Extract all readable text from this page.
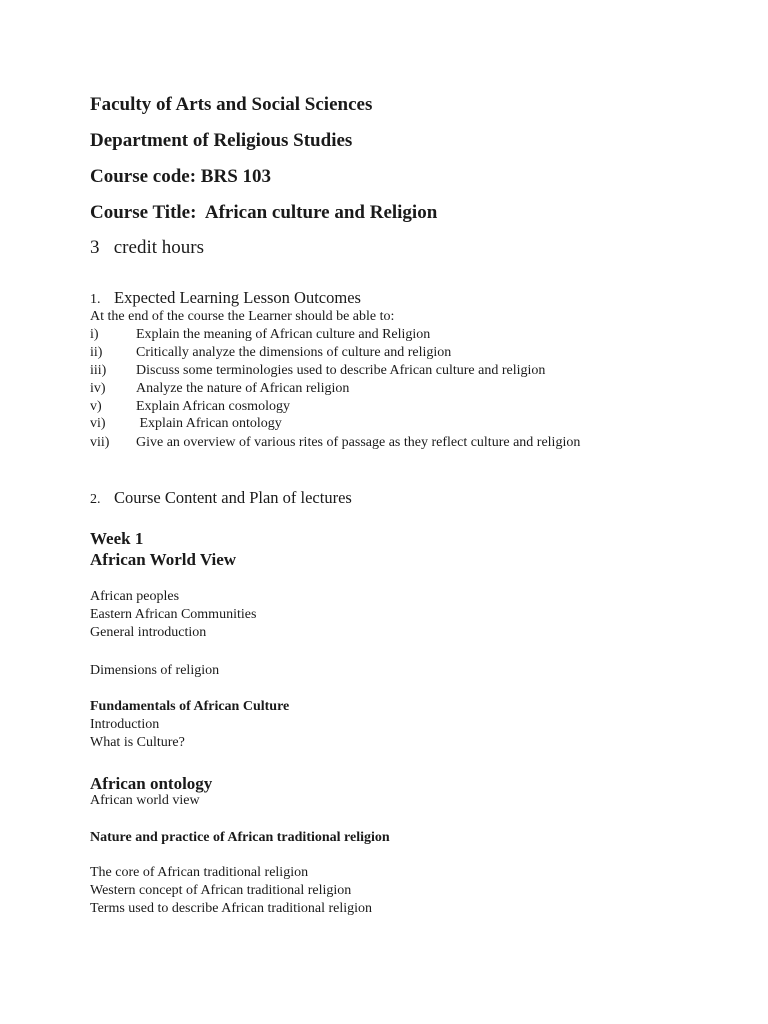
Faculty of Arts and Social Sciences
Department of Religious Studies
Course code: BRS 103
Course Title:  African culture and Religion
3   credit hours
1. Expected Learning Lesson Outcomes
At the end of the course the Learner should be able to:
i)	Explain the meaning of African culture and Religion
ii) Critically analyze the dimensions of culture and religion
iii) Discuss some terminologies used to describe African culture and religion
iv) Analyze the nature of African religion
v) Explain African cosmology
vi) Explain African ontology
vii) Give an overview of various rites of passage as they reflect culture and religion
2. Course Content and Plan of lectures
Week 1
African World View
African peoples
Eastern African Communities
General introduction
Dimensions of religion
Fundamentals of African Culture
Introduction
What is Culture?
African ontology
African world view
Nature and practice of African traditional religion
The core of African traditional religion
Western concept of African traditional religion
Terms used to describe African traditional religion
